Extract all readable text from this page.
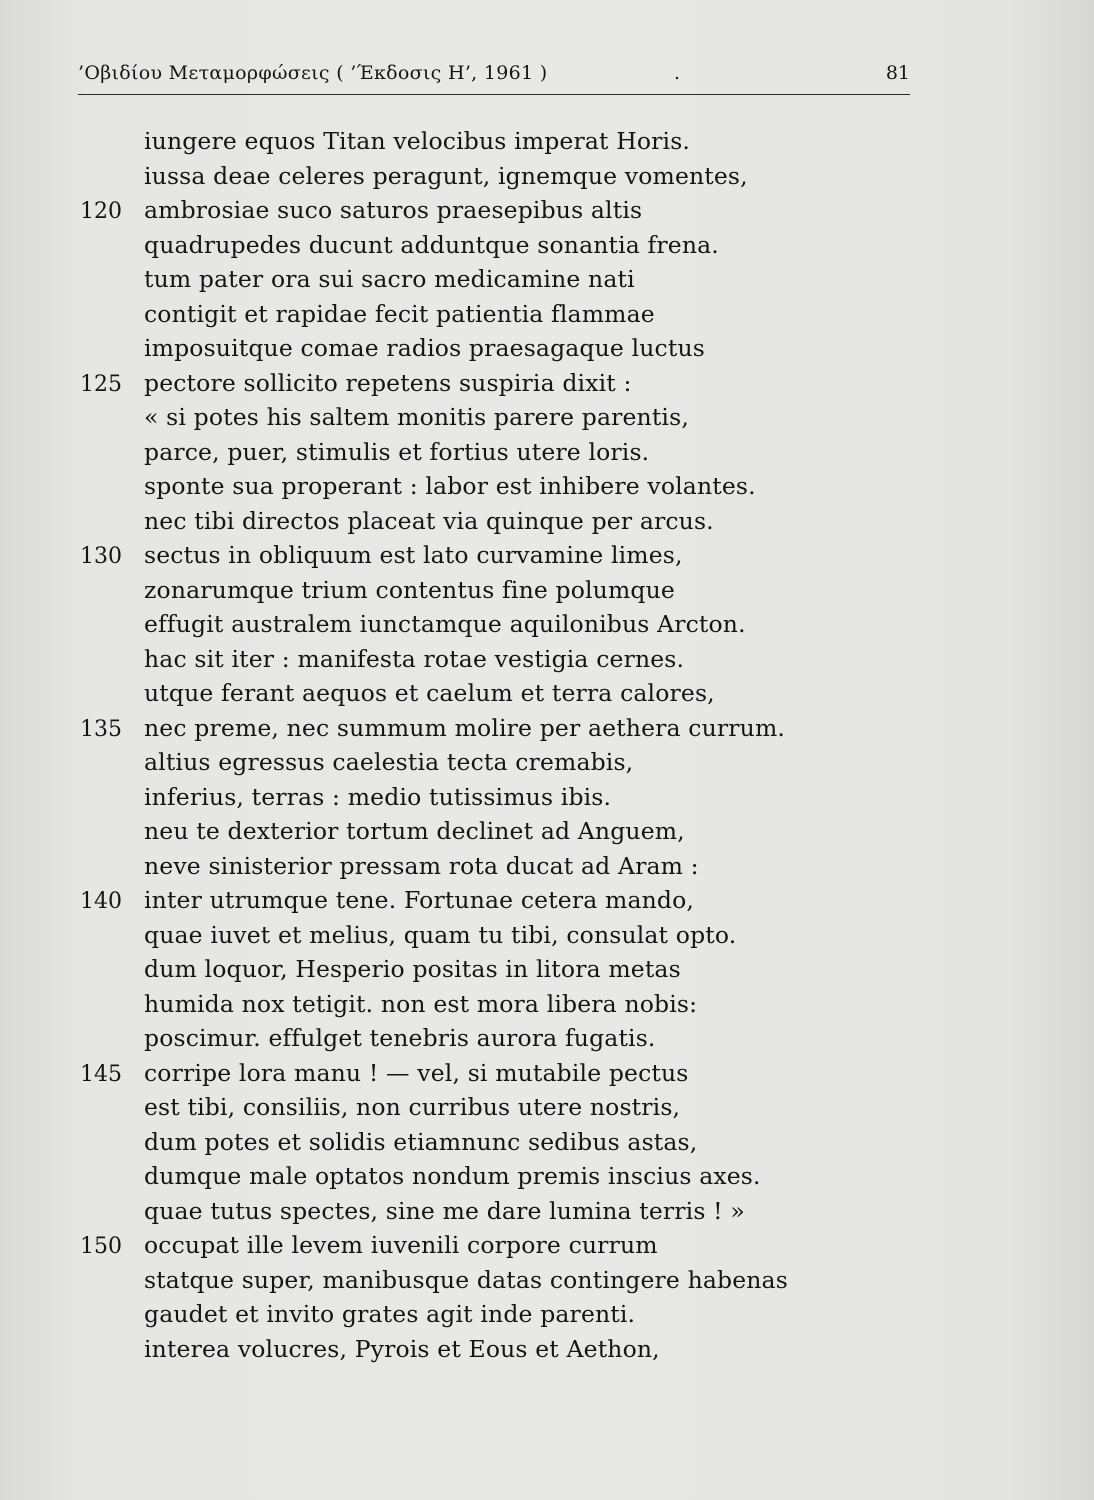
’Οβιδίου Μεταμορφώσεις ( ’Έκδοσις Η’, 1961 )	.	81
iungere equos Titan velocibus imperat Horis.
iussa deae celeres peragunt, ignemque vomentes,
120 ambrosiae suco saturos praesepibus altis
quadrupedes ducunt adduntque sonantia frena.
tum pater ora sui sacro medicamine nati
contigit et rapidae fecit patientia flammae
imposuitque comae radios praesagaque luctus
125 pectore sollicito repetens suspiria dixit :
« si potes his saltem monitis parere parentis,
parce, puer, stimulis et fortius utere loris.
sponte sua properant : labor est inhibere volantes.
nec tibi directos placeat via quinque per arcus.
130 sectus in obliquum est lato curvamine limes,
zonarumque trium contentus fine polumque
effugit australem iunctamque aquilonibus Arcton.
hac sit iter : manifesta rotae vestigia cernes.
utque ferant aequos et caelum et terra calores,
135 nec preme, nec summum molire per aethera currum.
altius egressus caelestia tecta cremabis,
inferius, terras : medio tutissimus ibis.
neu te dexterior tortum declinet ad Anguem,
neve sinisterior pressam rota ducat ad Aram :
140 inter utrumque tene. Fortunae cetera mando,
quae iuvet et melius, quam tu tibi, consulat opto.
dum loquor, Hesperio positas in litora metas
humida nox tetigit. non est mora libera nobis:
poscimur. effulget tenebris aurora fugatis.
145 corripe lora manu ! — vel, si mutabile pectus
est tibi, consiliis, non curribus utere nostris,
dum potes et solidis etiamnunc sedibus astas,
dumque male optatos nondum premis inscius axes.
quae tutus spectes, sine me dare lumina terris ! »
150 occupat ille levem iuvenili corpore currum
statque super, manibusque datas contingere habenas
gaudet et invito grates agit inde parenti.
interea volucres, Pyrois et Eous et Aethon,
